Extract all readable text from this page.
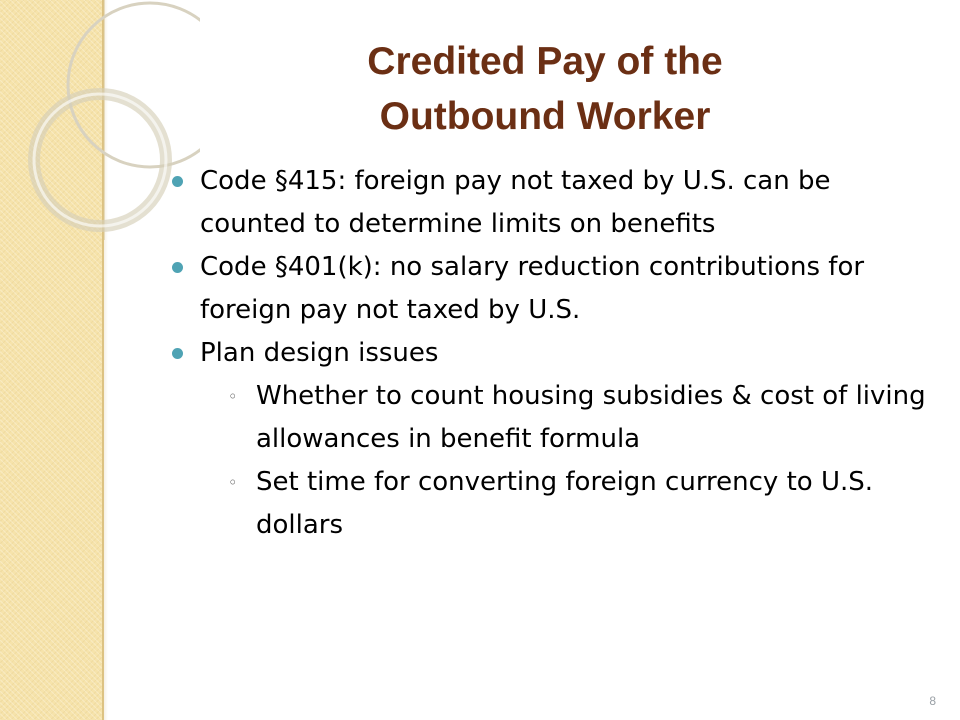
Credited Pay of the
Outbound Worker
Code §415: foreign pay not taxed by U.S. can be counted to determine limits on benefits
Code §401(k): no salary reduction contributions for foreign pay not taxed by U.S.
Plan design issues
◦ Whether to count housing subsidies & cost of living allowances in benefit formula
◦ Set time for converting foreign currency to U.S. dollars
8
